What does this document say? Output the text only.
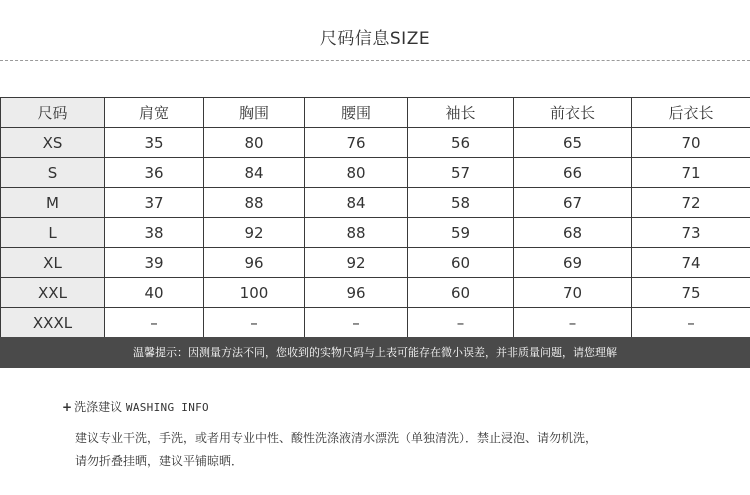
尺码信息SIZE
尺码	肩宽	胸围	腰围	袖长	前衣长	后衣长
XS	35	80	76	56	65	70
S	36	84	80	57	66	71
M	37	88	84	58	67	72
L	38	92	88	59	68	73
XL	39	96	92	60	69	74
XXL	40	100	96	60	70	75
XXXL	–	–	–	–	–	–
温馨提示：因测量方法不同，您收到的实物尺码与上表可能存在微小误差，并非质量问题，请您理解
+ 洗涤建议 WASHING INFO
建议专业干洗，手洗，或者用专业中性、酸性洗涤液清水漂洗（单独清洗）．禁止浸泡、请勿机洗，
请勿折叠挂晒，建议平铺晾晒．
